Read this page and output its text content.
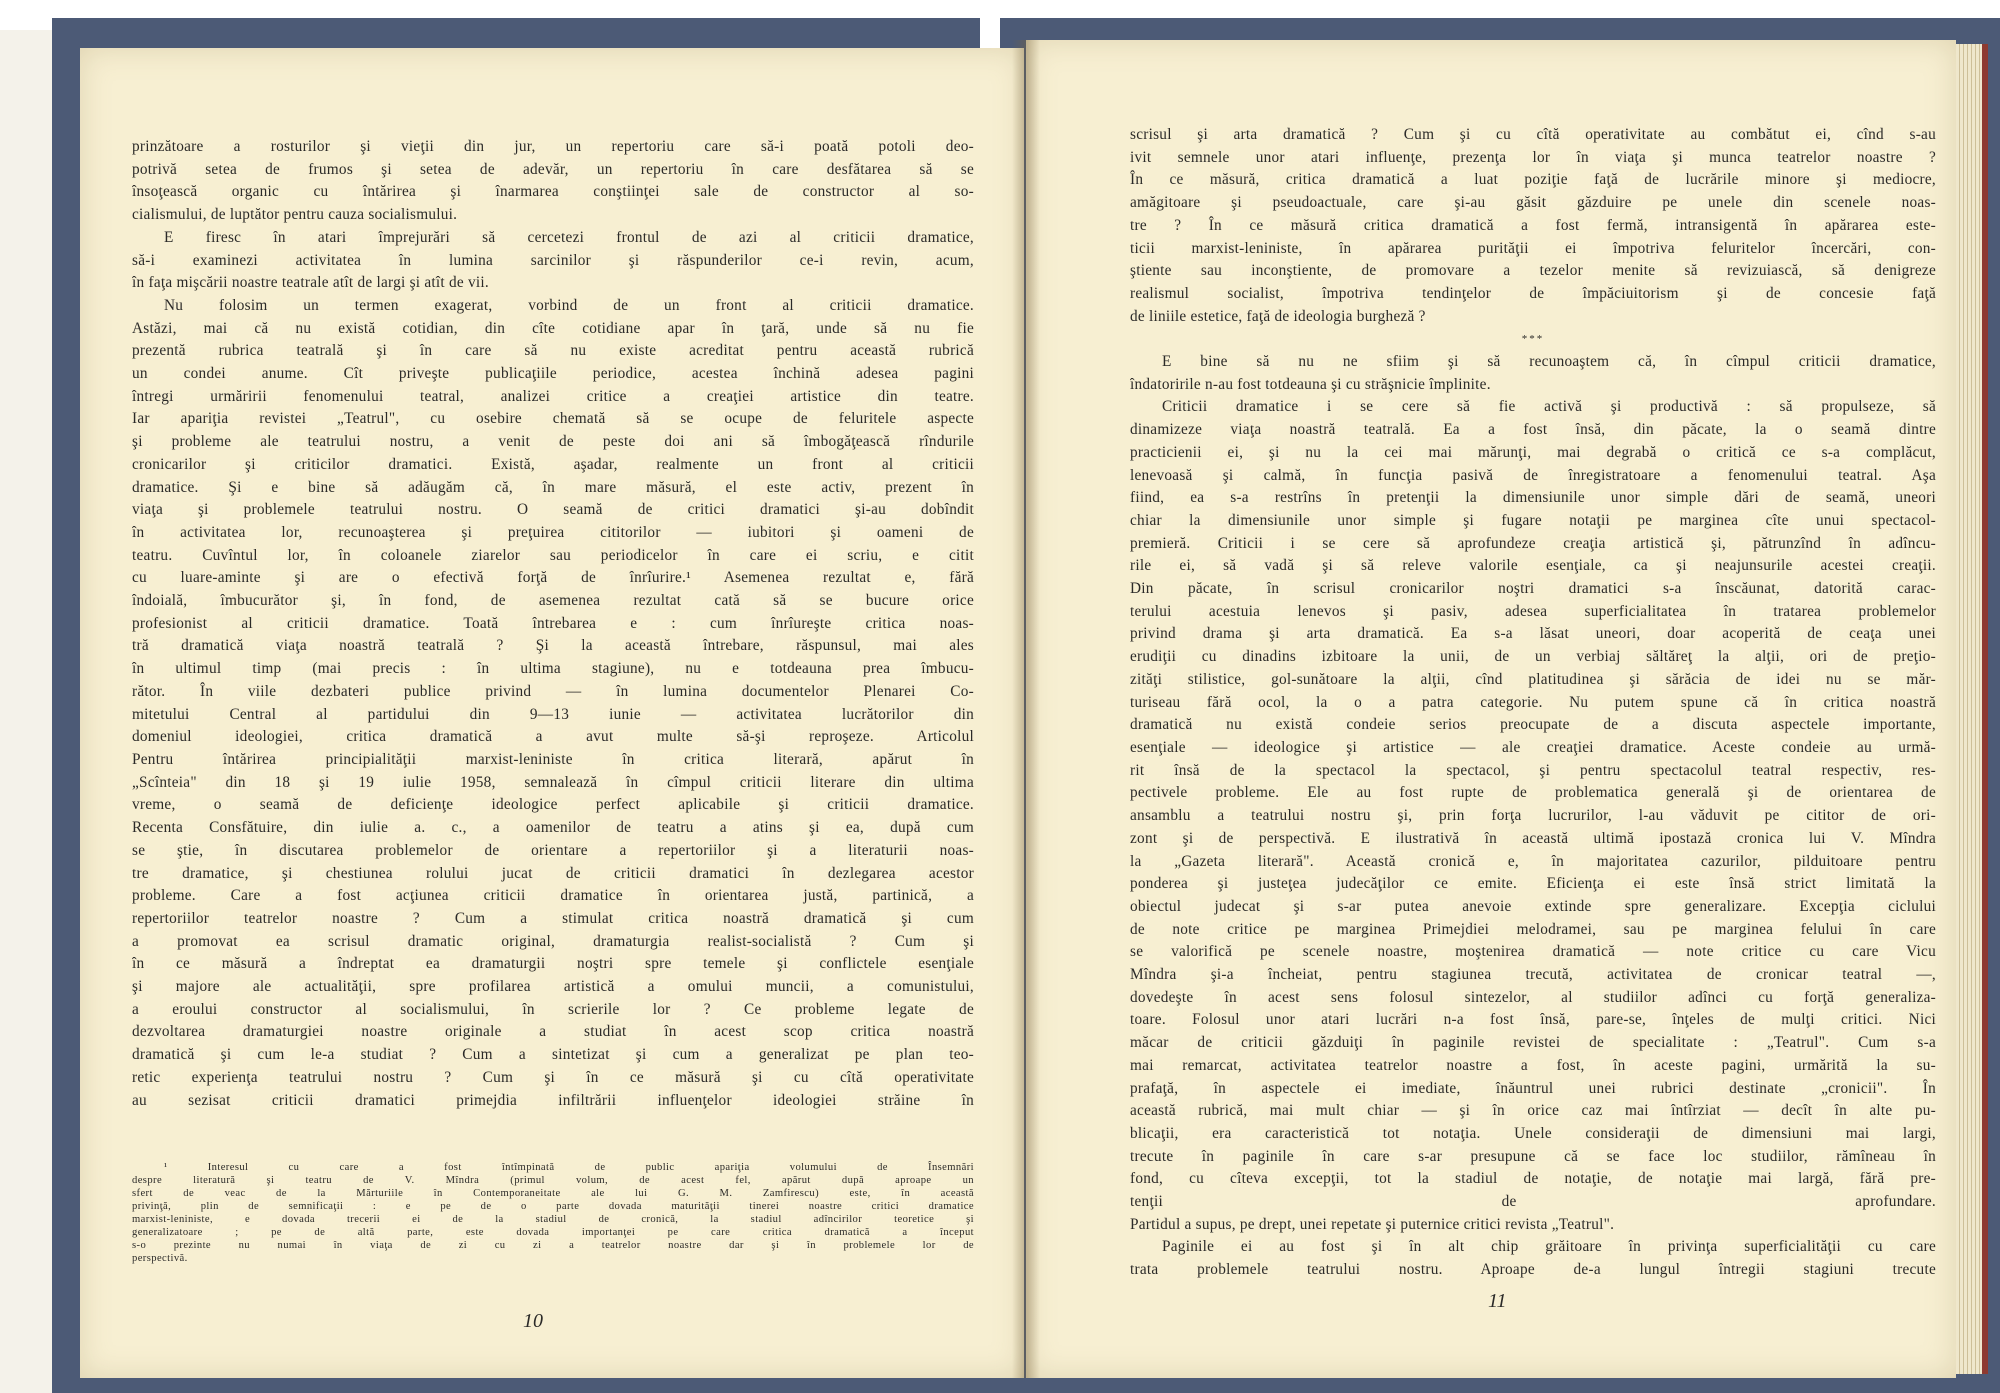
prinzătoare a rosturilor şi vieţii din jur, un repertoriu care să-i poată potoli deo-
potrivă setea de frumos şi setea de adevăr, un repertoriu în care desfătarea să se
însoţească organic cu întărirea şi înarmarea conştiinţei sale de constructor al so-
cialismului, de luptător pentru cauza socialismului.
E firesc în atari împrejurări să cercetezi frontul de azi al criticii dramatice,
să-i examinezi activitatea în lumina sarcinilor şi răspunderilor ce-i revin, acum,
în faţa mişcării noastre teatrale atît de largi şi atît de vii.
Nu folosim un termen exagerat, vorbind de un front al criticii dramatice.
Astăzi, mai că nu există cotidian, din cîte cotidiane apar în ţară, unde să nu fie
prezentă rubrica teatrală şi în care să nu existe acreditat pentru această rubrică
un condei anume. Cît priveşte publicaţiile periodice, acestea închină adesea pagini
întregi urmăririi fenomenului teatral, analizei critice a creaţiei artistice din teatre.
Iar apariţia revistei „Teatrul", cu osebire chemată să se ocupe de feluritele aspecte
şi probleme ale teatrului nostru, a venit de peste doi ani să îmbogăţească rîndurile
cronicarilor şi criticilor dramatici. Există, aşadar, realmente un front al criticii
dramatice. Şi e bine să adăugăm că, în mare măsură, el este activ, prezent în
viaţa şi problemele teatrului nostru. O seamă de critici dramatici şi-au dobîndit
în activitatea lor, recunoaşterea şi preţuirea cititorilor — iubitori şi oameni de
teatru. Cuvîntul lor, în coloanele ziarelor sau periodicelor în care ei scriu, e citit
cu luare-aminte şi are o efectivă forţă de înrîurire.¹ Asemenea rezultat e, fără
îndoială, îmbucurător şi, în fond, de asemenea rezultat cată să se bucure orice
profesionist al criticii dramatice. Toată întrebarea e : cum înrîureşte critica noas-
tră dramatică viaţa noastră teatrală ? Şi la această întrebare, răspunsul, mai ales
în ultimul timp (mai precis : în ultima stagiune), nu e totdeauna prea îmbucu-
rător. În viile dezbateri publice privind — în lumina documentelor Plenarei Co-
mitetului Central al partidului din 9—13 iunie — activitatea lucrătorilor din
domeniul ideologiei, critica dramatică a avut multe să-şi reproşeze. Articolul
Pentru întărirea principialităţii marxist-leniniste în critica literară, apărut în
„Scînteia" din 18 şi 19 iulie 1958, semnalează în cîmpul criticii literare din ultima
vreme, o seamă de deficienţe ideologice perfect aplicabile şi criticii dramatice.
Recenta Consfătuire, din iulie a. c., a oamenilor de teatru a atins şi ea, după cum
se ştie, în discutarea problemelor de orientare a repertoriilor şi a literaturii noas-
tre dramatice, şi chestiunea rolului jucat de criticii dramatici în dezlegarea acestor
probleme. Care a fost acţiunea criticii dramatice în orientarea justă, partinică, a
repertoriilor teatrelor noastre ? Cum a stimulat critica noastră dramatică şi cum
a promovat ea scrisul dramatic original, dramaturgia realist-socialistă ? Cum şi
în ce măsură a îndreptat ea dramaturgii noştri spre temele şi conflictele esenţiale
şi majore ale actualităţii, spre profilarea artistică a omului muncii, a comunistului,
a eroului constructor al socialismului, în scrierile lor ? Ce probleme legate de
dezvoltarea dramaturgiei noastre originale a studiat în acest scop critica noastră
dramatică şi cum le-a studiat ? Cum a sintetizat şi cum a generalizat pe plan teo-
retic experienţa teatrului nostru ? Cum şi în ce măsură şi cu cîtă operativitate
au sezisat criticii dramatici primejdia infiltrării influenţelor ideologiei străine în
¹ Interesul cu care a fost întîmpinată de public apariţia volumului de Însemnări
despre literatură şi teatru de V. Mîndra (primul volum, de acest fel, apărut după aproape un
sfert de veac de la Mărturiile în Contemporaneitate ale lui G. M. Zamfirescu) este, în această
privinţă, plin de semnificaţii : e pe de o parte dovada maturităţii tinerei noastre critici dramatice
marxist-leniniste, e dovada trecerii ei de la stadiul de cronică, la stadiul adîncirilor teoretice şi
generalizatoare ; pe de altă parte, este dovada importanţei pe care critica dramatică a început
s-o prezinte nu numai în viaţa de zi cu zi a teatrelor noastre dar şi în problemele lor de
perspectivă.
10
scrisul şi arta dramatică ? Cum şi cu cîtă operativitate au combătut ei, cînd s-au
ivit semnele unor atari influenţe, prezenţa lor în viaţa şi munca teatrelor noastre ?
În ce măsură, critica dramatică a luat poziţie faţă de lucrările minore şi mediocre,
amăgitoare şi pseudoactuale, care şi-au găsit găzduire pe unele din scenele noas-
tre ? În ce măsură critica dramatică a fost fermă, intransigentă în apărarea este-
ticii marxist-leniniste, în apărarea purităţii ei împotriva feluritelor încercări, con-
ştiente sau inconştiente, de promovare a tezelor menite să revizuiască, să denigreze
realismul socialist, împotriva tendinţelor de împăciuitorism şi de concesie faţă
de liniile estetice, faţă de ideologia burgheză ?
***
E bine să nu ne sfiim şi să recunoaştem că, în cîmpul criticii dramatice,
îndatoririle n-au fost totdeauna şi cu străşnicie împlinite.
Criticii dramatice i se cere să fie activă şi productivă : să propulseze, să
dinamizeze viaţa noastră teatrală. Ea a fost însă, din păcate, la o seamă dintre
practicienii ei, şi nu la cei mai mărunţi, mai degrabă o critică ce s-a complăcut,
lenevoasă şi calmă, în funcţia pasivă de înregistratoare a fenomenului teatral. Aşa
fiind, ea s-a restrîns în pretenţii la dimensiunile unor simple dări de seamă, uneori
chiar la dimensiunile unor simple şi fugare notaţii pe marginea cîte unui spectacol-
premieră. Criticii i se cere să aprofundeze creaţia artistică şi, pătrunzînd în adîncu-
rile ei, să vadă şi să releve valorile esenţiale, ca şi neajunsurile acestei creaţii.
Din păcate, în scrisul cronicarilor noştri dramatici s-a înscăunat, datorită carac-
terului acestuia lenevos şi pasiv, adesea superficialitatea în tratarea problemelor
privind drama şi arta dramatică. Ea s-a lăsat uneori, doar acoperită de ceaţa unei
erudiţii cu dinadins izbitoare la unii, de un verbiaj săltăreţ la alţii, ori de preţio-
zităţi stilistice, gol-sunătoare la alţii, cînd platitudinea şi sărăcia de idei nu se măr-
turiseau fără ocol, la o a patra categorie. Nu putem spune că în critica noastră
dramatică nu există condeie serios preocupate de a discuta aspectele importante,
esenţiale — ideologice şi artistice — ale creaţiei dramatice. Aceste condeie au urmă-
rit însă de la spectacol la spectacol, şi pentru spectacolul teatral respectiv, res-
pectivele probleme. Ele au fost rupte de problematica generală şi de orientarea de
ansamblu a teatrului nostru şi, prin forţa lucrurilor, l-au văduvit pe cititor de ori-
zont şi de perspectivă. E ilustrativă în această ultimă ipostază cronica lui V. Mîndra
la „Gazeta literară". Această cronică e, în majoritatea cazurilor, pilduitoare pentru
ponderea şi justeţea judecăţilor ce emite. Eficienţa ei este însă strict limitată la
obiectul judecat şi s-ar putea anevoie extinde spre generalizare. Excepţia ciclului
de note critice pe marginea Primejdiei melodramei, sau pe marginea felului în care
se valorifică pe scenele noastre, moştenirea dramatică — note critice cu care Vicu
Mîndra şi-a încheiat, pentru stagiunea trecută, activitatea de cronicar teatral —,
dovedeşte în acest sens folosul sintezelor, al studiilor adînci cu forţă generaliza-
toare. Folosul unor atari lucrări n-a fost însă, pare-se, înţeles de mulţi critici. Nici
măcar de criticii găzduiţi în paginile revistei de specialitate : „Teatrul". Cum s-a
mai remarcat, activitatea teatrelor noastre a fost, în aceste pagini, urmărită la su-
prafaţă, în aspectele ei imediate, înăuntrul unei rubrici destinate „cronicii". În
această rubrică, mai mult chiar — şi în orice caz mai întîrziat — decît în alte pu-
blicaţii, era caracteristică tot notaţia. Unele consideraţii de dimensiuni mai largi,
trecute în paginile în care s-ar presupune că se face loc studiilor, rămîneau în
fond, cu cîteva excepţii, tot la stadiul de notaţie, de notaţie mai largă, fără pre-
tenţii de aprofundare.
Partidul a supus, pe drept, unei repetate şi puternice critici revista „Teatrul".
Paginile ei au fost şi în alt chip grăitoare în privinţa superficialităţii cu care
trata problemele teatrului nostru. Aproape de-a lungul întregii stagiuni trecute
11
